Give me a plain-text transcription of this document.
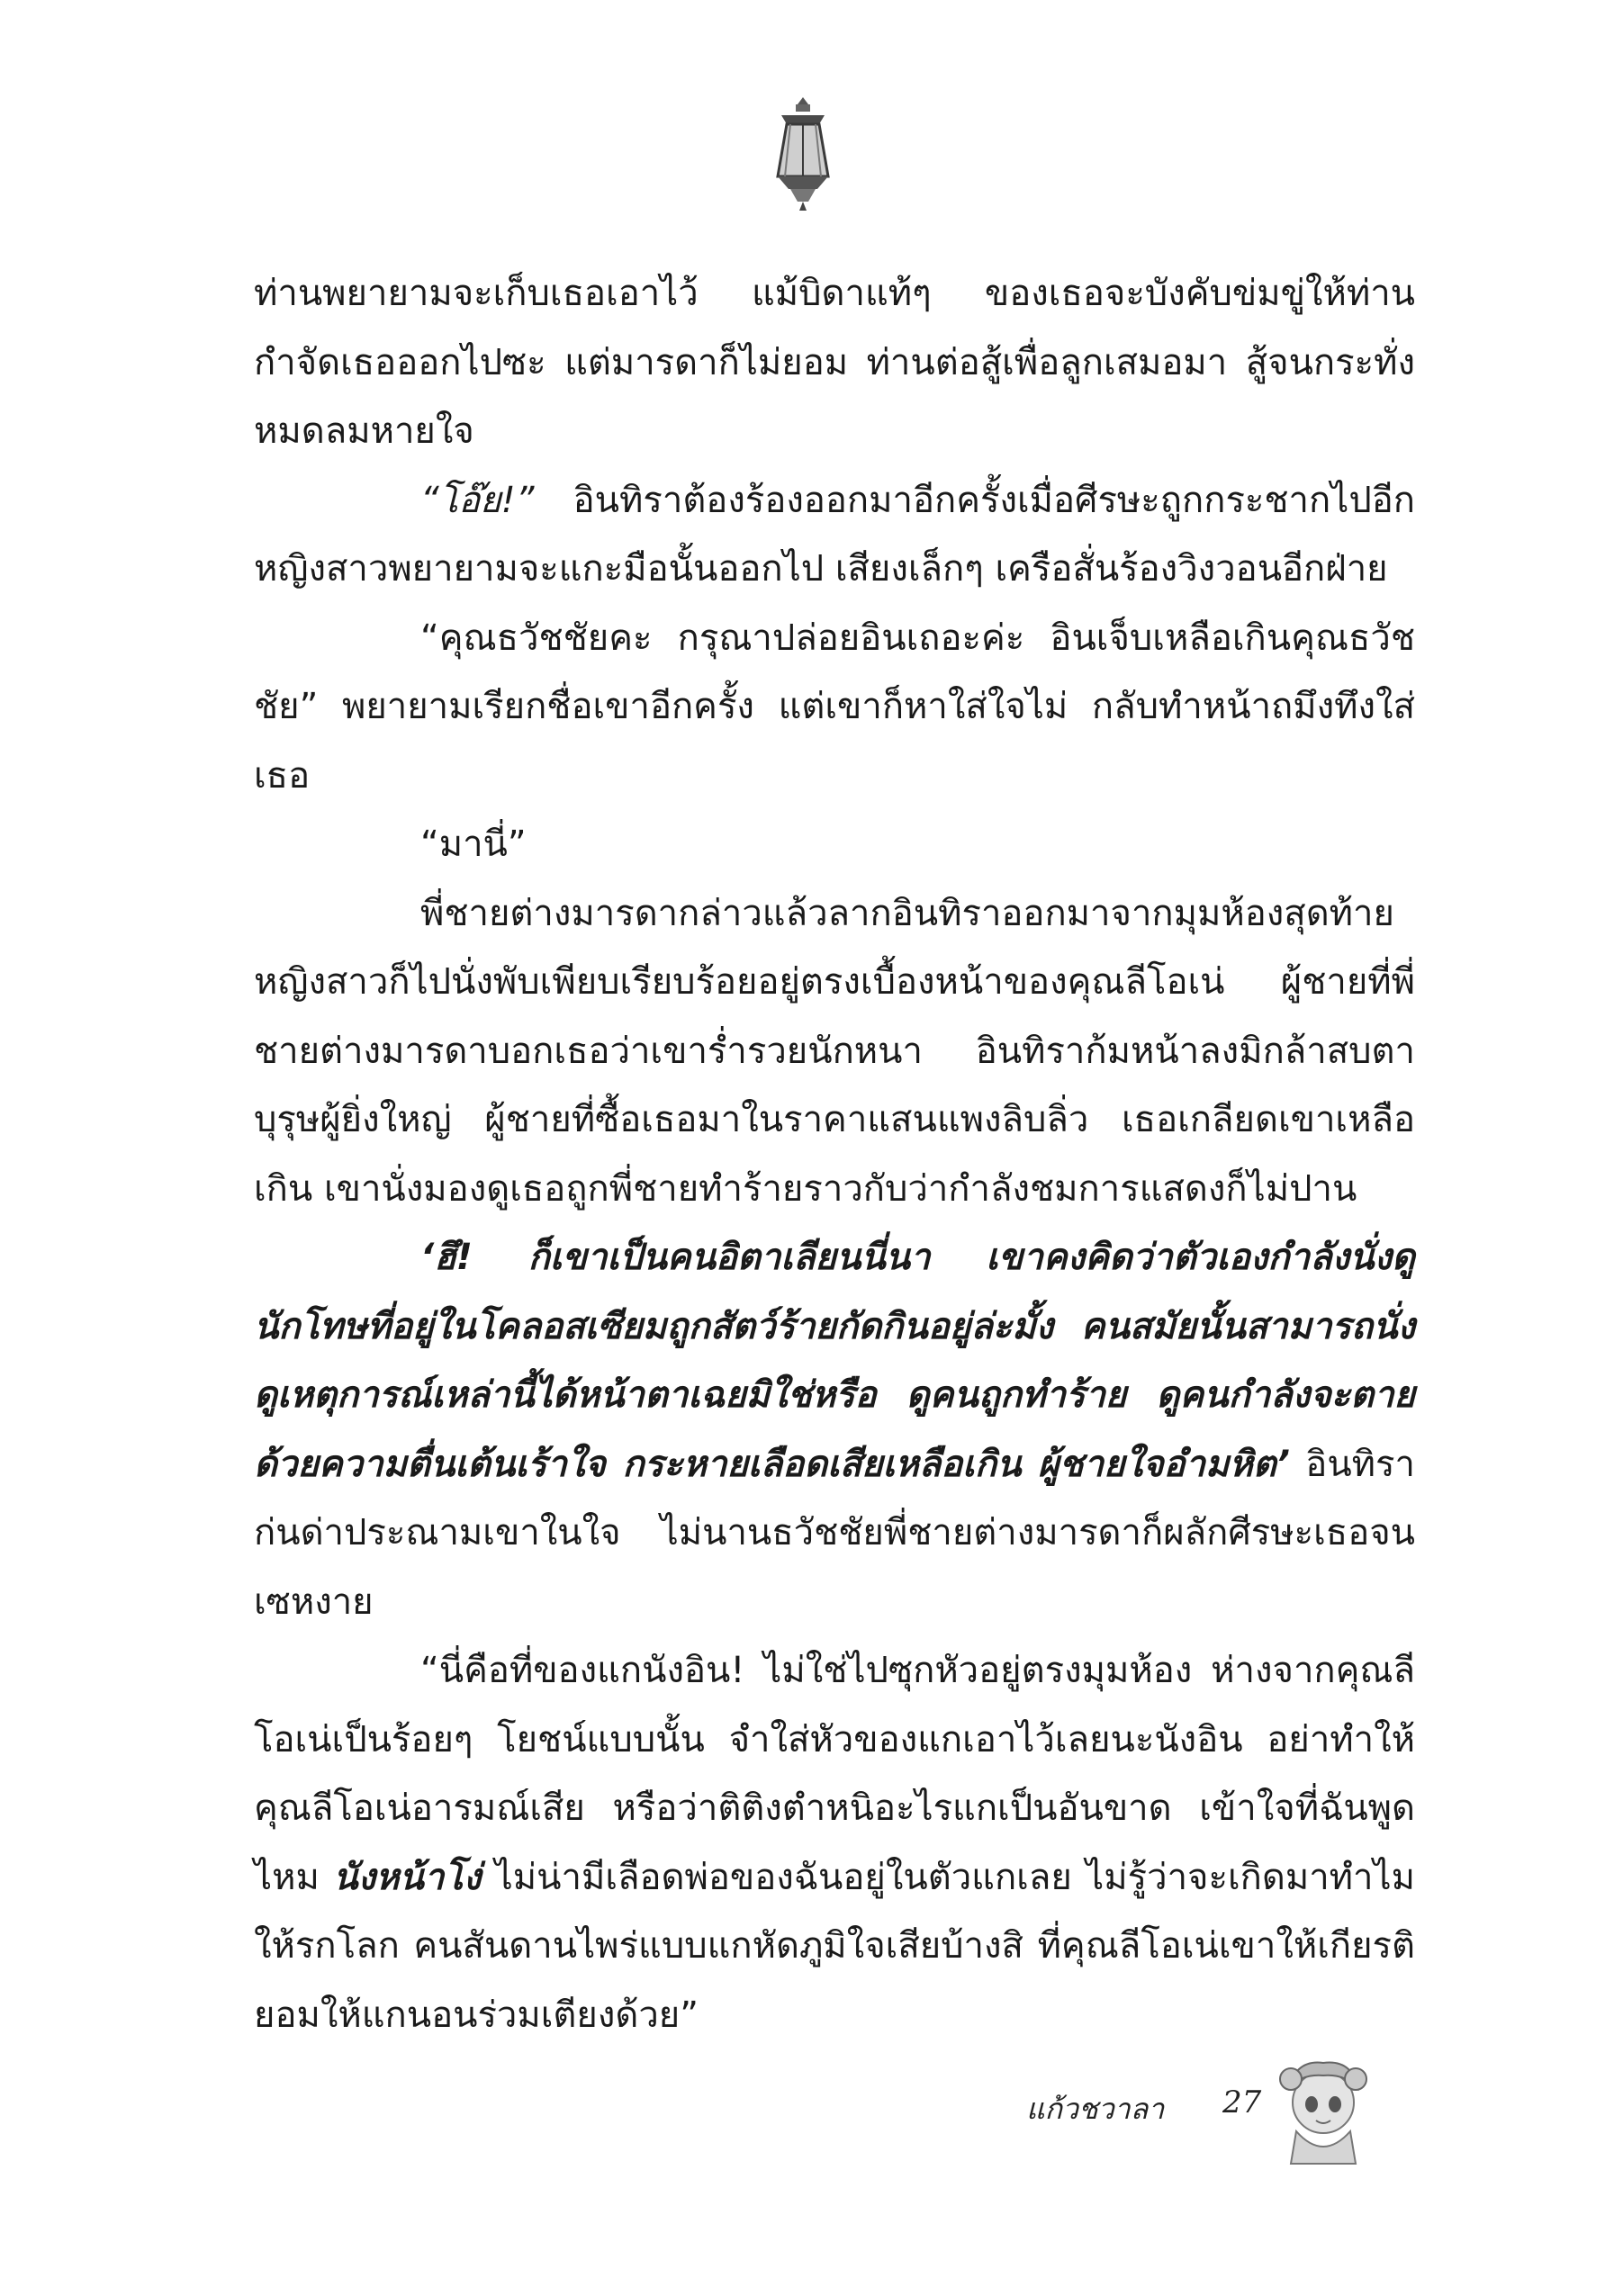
ท่านพยายามจะเก็บเธอเอาไว้ แม้บิดาแท้ๆ ของเธอจะบังคับข่มขู่ให้ท่านกำจัดเธอออกไปซะ แต่มารดาก็ไม่ยอม ท่านต่อสู้เพื่อลูกเสมอมา สู้จนกระทั่งหมดลมหายใจ

“โอ๊ย!” อินทิราต้องร้องออกมาอีกครั้งเมื่อศีรษะถูกกระชากไปอีก หญิงสาวพยายามจะแกะมือนั้นออกไป เสียงเล็กๆ เครือสั่นร้องวิงวอนอีกฝ่าย

“คุณธวัชชัยคะ กรุณาปล่อยอินเถอะค่ะ อินเจ็บเหลือเกินคุณธวัชชัย” พยายามเรียกชื่อเขาอีกครั้ง แต่เขาก็หาใส่ใจไม่ กลับทำหน้าถมึงทึงใส่เธอ

“มานี่”

พี่ชายต่างมารดากล่าวแล้วลากอินทิราออกมาจากมุมห้องสุดท้ายหญิงสาวก็ไปนั่งพับเพียบเรียบร้อยอยู่ตรงเบื้องหน้าของคุณลีโอเน่ ผู้ชายที่พี่ชายต่างมารดาบอกเธอว่าเขาร่ำรวยนักหนา อินทิราก้มหน้าลงมิกล้าสบตาบุรุษผู้ยิ่งใหญ่ ผู้ชายที่ซื้อเธอมาในราคาแสนแพงลิบลิ่ว เธอเกลียดเขาเหลือเกิน เขานั่งมองดูเธอถูกพี่ชายทำร้ายราวกับว่ากำลังชมการแสดงก็ไม่ปาน

‘ฮึ! ก็เขาเป็นคนอิตาเลียนนี่นา เขาคงคิดว่าตัวเองกำลังนั่งดูนักโทษที่อยู่ในโคลอสเซียมถูกสัตว์ร้ายกัดกินอยู่ล่ะมั้ง คนสมัยนั้นสามารถนั่งดูเหตุการณ์เหล่านี้ได้หน้าตาเฉยมิใช่หรือ ดูคนถูกทำร้าย ดูคนกำลังจะตายด้วยความตื่นเต้นเร้าใจ กระหายเลือดเสียเหลือเกิน ผู้ชายใจอำมหิต’ อินทิราก่นด่าประณามเขาในใจ ไม่นานธวัชชัยพี่ชายต่างมารดาก็ผลักศีรษะเธอจนเซหงาย

“นี่คือที่ของแกนังอิน! ไม่ใช่ไปซุกหัวอยู่ตรงมุมห้อง ห่างจากคุณลีโอเน่เป็นร้อยๆ โยชน์แบบนั้น จำใส่หัวของแกเอาไว้เลยนะนังอิน อย่าทำให้คุณลีโอเน่อารมณ์เสีย หรือว่าติติงตำหนิอะไรแกเป็นอันขาด เข้าใจที่ฉันพูดไหม นังหน้าโง่ ไม่น่ามีเลือดพ่อของฉันอยู่ในตัวแกเลย ไม่รู้ว่าจะเกิดมาทำไมให้รกโลก คนสันดานไพร่แบบแกหัดภูมิใจเสียบ้างสิ ที่คุณลีโอเน่เขาให้เกียรติยอมให้แกนอนร่วมเตียงด้วย”

แก้วชวาลา 27
